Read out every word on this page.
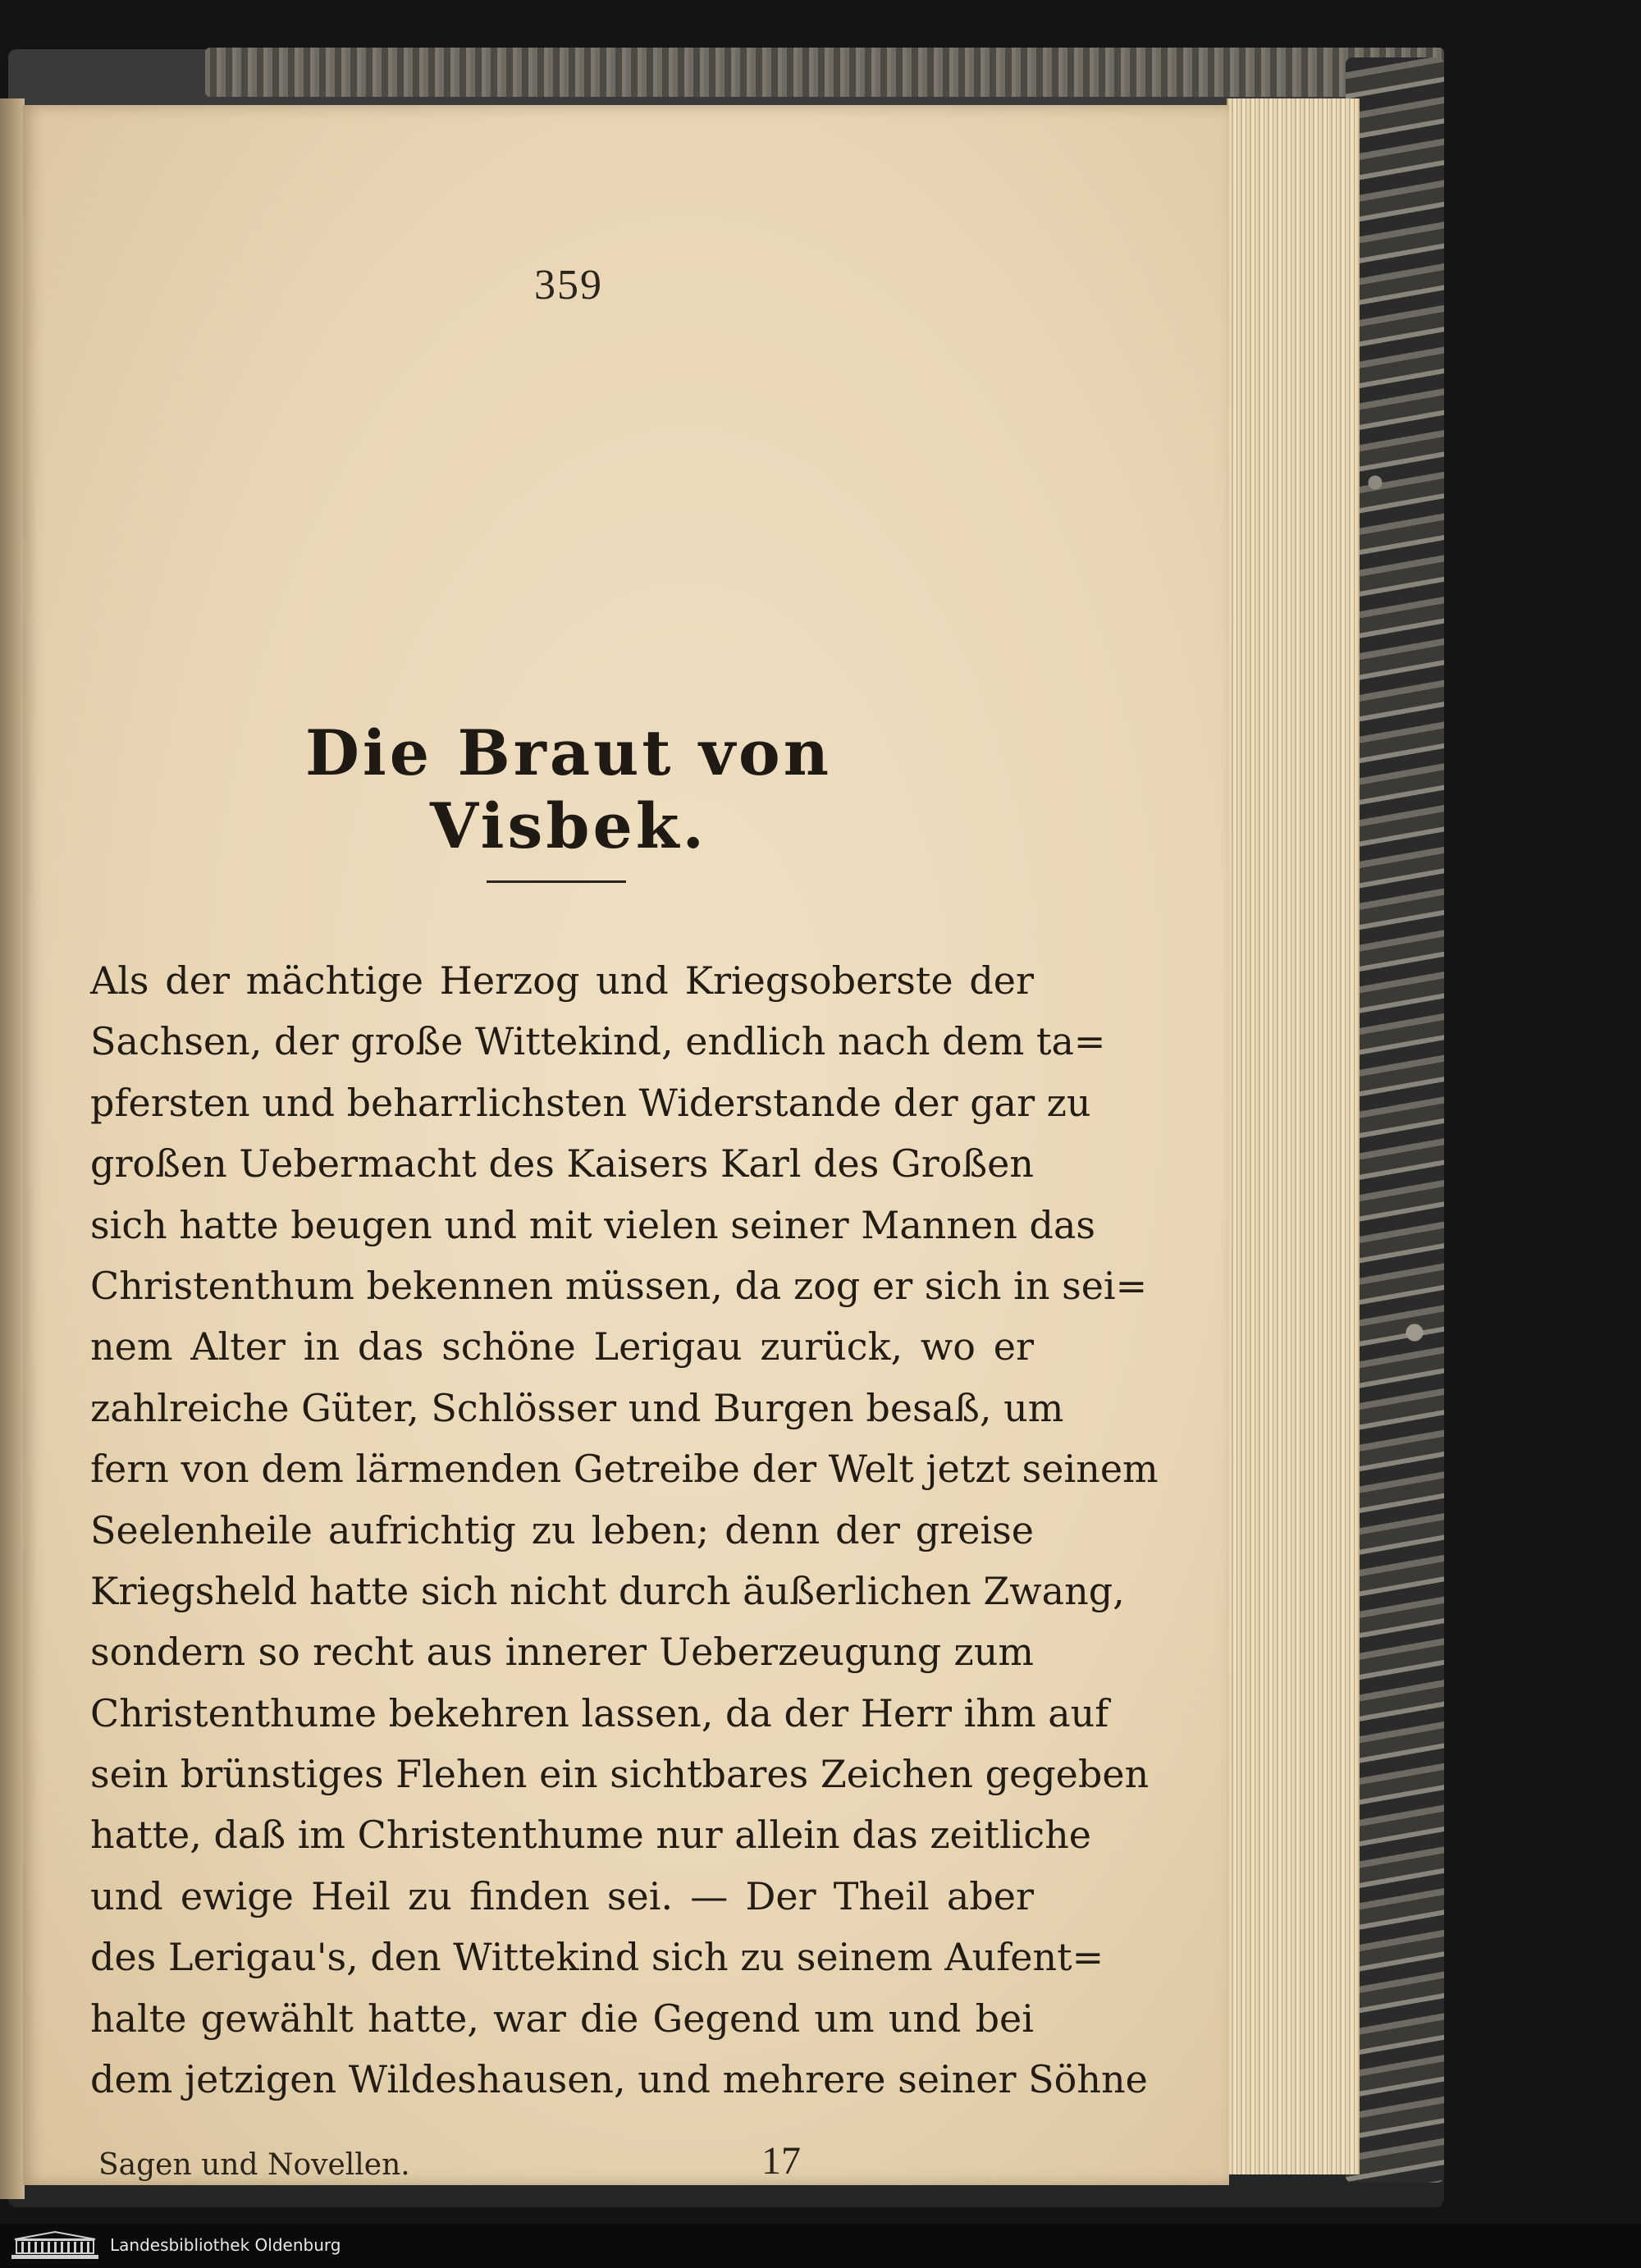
359
Die Braut von Visbek.
Als der mächtige Herzog und Kriegsoberste der
Sachsen, der große Wittekind, endlich nach dem ta=
pfersten und beharrlichsten Widerstande der gar zu
großen Uebermacht des Kaisers Karl des Großen
sich hatte beugen und mit vielen seiner Mannen das
Christenthum bekennen müssen, da zog er sich in sei=
nem Alter in das schöne Lerigau zurück, wo er
zahlreiche Güter, Schlösser und Burgen besaß, um
fern von dem lärmenden Getreibe der Welt jetzt seinem
Seelenheile aufrichtig zu leben; denn der greise
Kriegsheld hatte sich nicht durch äußerlichen Zwang,
sondern so recht aus innerer Ueberzeugung zum
Christenthume bekehren lassen, da der Herr ihm auf
sein brünstiges Flehen ein sichtbares Zeichen gegeben
hatte, daß im Christenthume nur allein das zeitliche
und ewige Heil zu finden sei. — Der Theil aber
des Lerigau's, den Wittekind sich zu seinem Aufent=
halte gewählt hatte, war die Gegend um und bei
dem jetzigen Wildeshausen, und mehrere seiner Söhne
Sagen und Novellen.	17
Landesbibliothek Oldenburg
